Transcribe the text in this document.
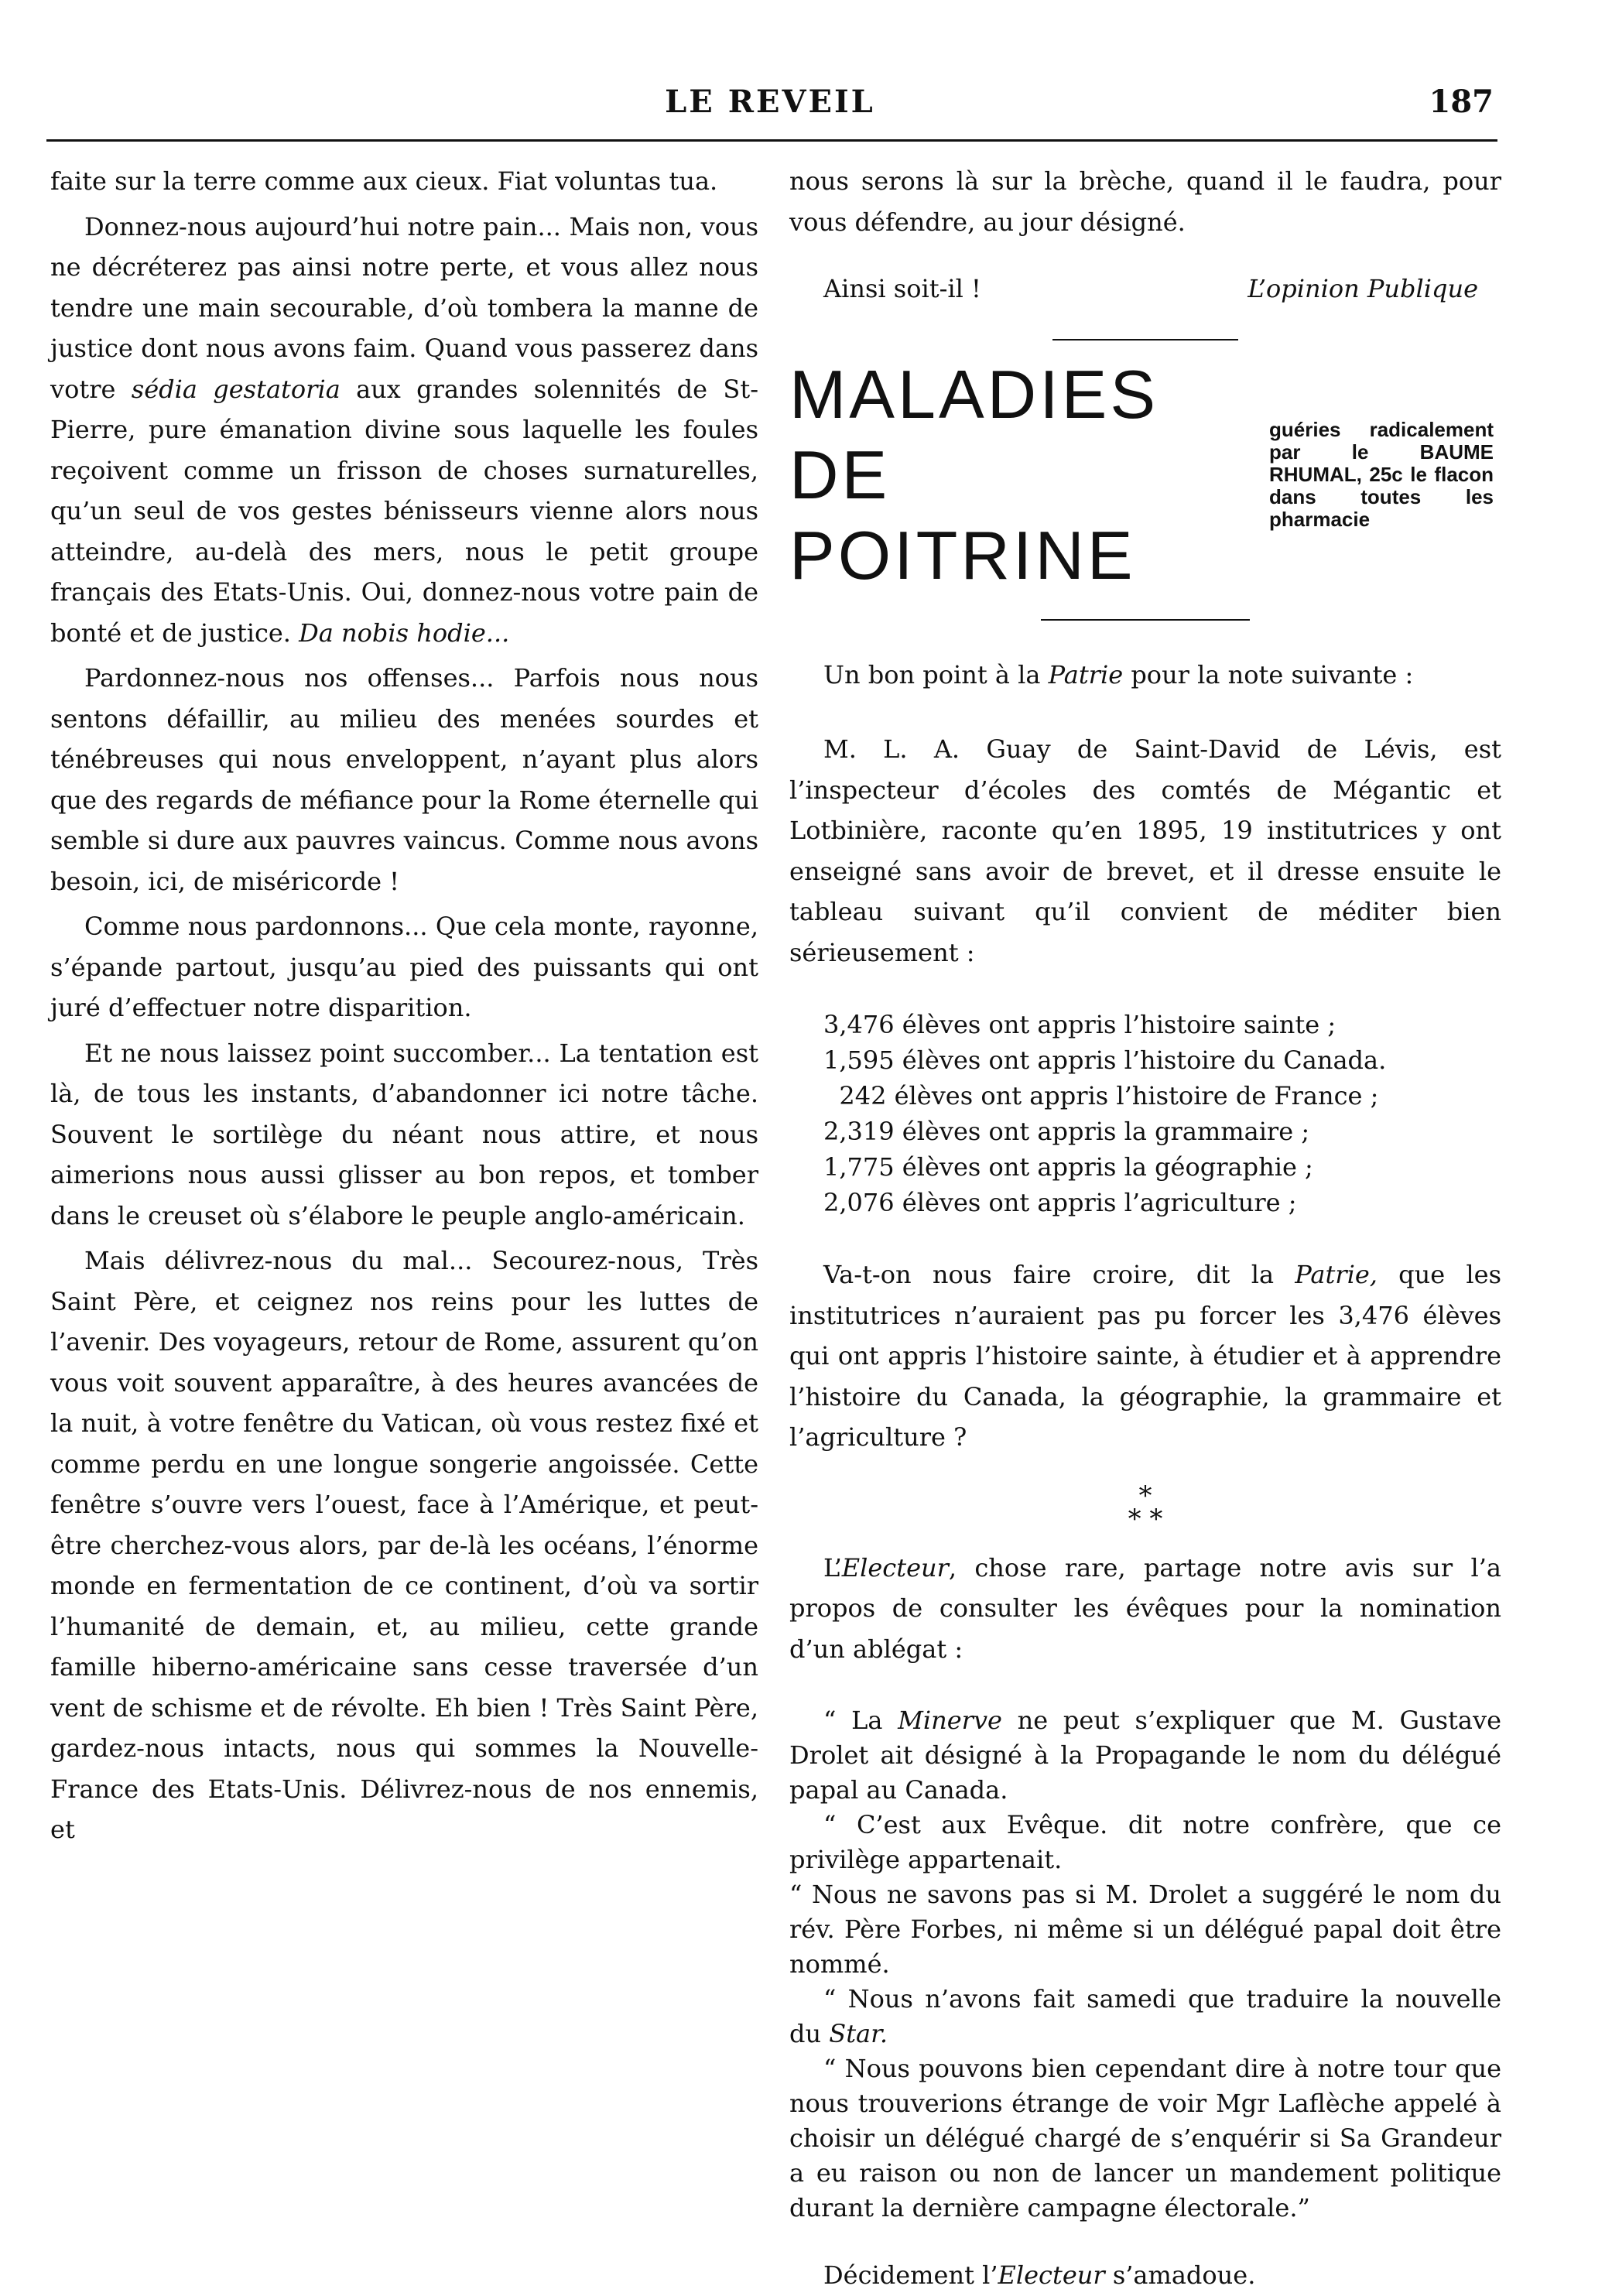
LE REVEIL	187

faite sur la terre comme aux cieux. Fiat voluntas tua.

Donnez-nous aujourd’hui notre pain... Mais non, vous ne décréterez pas ainsi notre perte, et vous allez nous tendre une main secourable, d’où tombera la manne de justice dont nous avons faim. Quand vous passerez dans votre sédia gestatoria aux grandes solennités de St-Pierre, pure émanation divine sous laquelle les foules reçoivent comme un frisson de choses surnaturelles, qu’un seul de vos gestes bénisseurs vienne alors nous atteindre, au-delà des mers, nous le petit groupe français des Etats-Unis. Oui, donnez-nous votre pain de bonté et de justice. Da nobis hodie...

Pardonnez-nous nos offenses... Parfois nous nous sentons défaillir, au milieu des menées sourdes et ténébreuses qui nous enveloppent, n’ayant plus alors que des regards de méfiance pour la Rome éternelle qui semble si dure aux pauvres vaincus. Comme nous avons besoin, ici, de miséricorde !

Comme nous pardonnons... Que cela monte, rayonne, s’épande partout, jusqu’au pied des puissants qui ont juré d’effectuer notre disparition.

Et ne nous laissez point succomber... La tentation est là, de tous les instants, d’abandonner ici notre tâche. Souvent le sortilège du néant nous attire, et nous aimerions nous aussi glisser au bon repos, et tomber dans le creuset où s’élabore le peuple anglo-américain.

Mais délivrez-nous du mal... Secourez-nous, Très Saint Père, et ceignez nos reins pour les luttes de l’avenir. Des voyageurs, retour de Rome, assurent qu’on vous voit souvent apparaître, à des heures avancées de la nuit, à votre fenêtre du Vatican, où vous restez fixé et comme perdu en une longue songerie angoissée. Cette fenêtre s’ouvre vers l’ouest, face à l’Amérique, et peut-être cherchez-vous alors, par de-là les océans, l’énorme monde en fermentation de ce continent, d’où va sortir l’humanité de demain, et, au milieu, cette grande famille hiberno-américaine sans cesse traversée d’un vent de schisme et de révolte. Eh bien ! Très Saint Père, gardez-nous intacts, nous qui sommes la Nouvelle-France des Etats-Unis. Délivrez-nous de nos ennemis, et

nous serons là sur la brèche, quand il le faudra, pour vous défendre, au jour désigné.

Ainsi soit-il !	L’opinion Publique
MALADIES
DE POITRINE
guéries radicalement par le BAUME RHUMAL, 25c le flacon dans toutes les pharmacie

Un bon point à la Patrie pour la note suivante :

M. L. A. Guay de Saint-David de Lévis, est l’inspecteur d’écoles des comtés de Mégantic et Lotbinière, raconte qu’en 1895, 19 institutrices y ont enseigné sans avoir de brevet, et il dresse ensuite le tableau suivant qu’il convient de méditer bien sérieusement :

3,476 élèves ont appris l’histoire sainte ;
1,595 élèves ont appris l’histoire du Canada.
242 élèves ont appris l’histoire de France ;
2,319 élèves ont appris la grammaire ;
1,775 élèves ont appris la géographie ;
2,076 élèves ont appris l’agriculture ;

Va-t-on nous faire croire, dit la Patrie, que les institutrices n’auraient pas pu forcer les 3,476 élèves qui ont appris l’histoire sainte, à étudier et à apprendre l’histoire du Canada, la géographie, la grammaire et l’agriculture ?

*
* *

L’Electeur, chose rare, partage notre avis sur l’a propos de consulter les évêques pour la nomination d’un ablégat :

“ La Minerve ne peut s’expliquer que M. Gustave Drolet ait désigné à la Propagande le nom du délégué papal au Canada.

“ C’est aux Evêque. dit notre confrère, que ce privilège appartenait.

“ Nous ne savons pas si M. Drolet a suggéré le nom du rév. Père Forbes, ni même si un délégué papal doit être nommé.

“ Nous n’avons fait samedi que traduire la nouvelle du Star.

“ Nous pouvons bien cependant dire à notre tour que nous trouverions étrange de voir Mgr Laflèche appelé à choisir un délégué chargé de s’enquérir si Sa Grandeur a eu raison ou non de lancer un mandement politique durant la dernière campagne électorale.”

Décidement l’Electeur s’amadoue.
